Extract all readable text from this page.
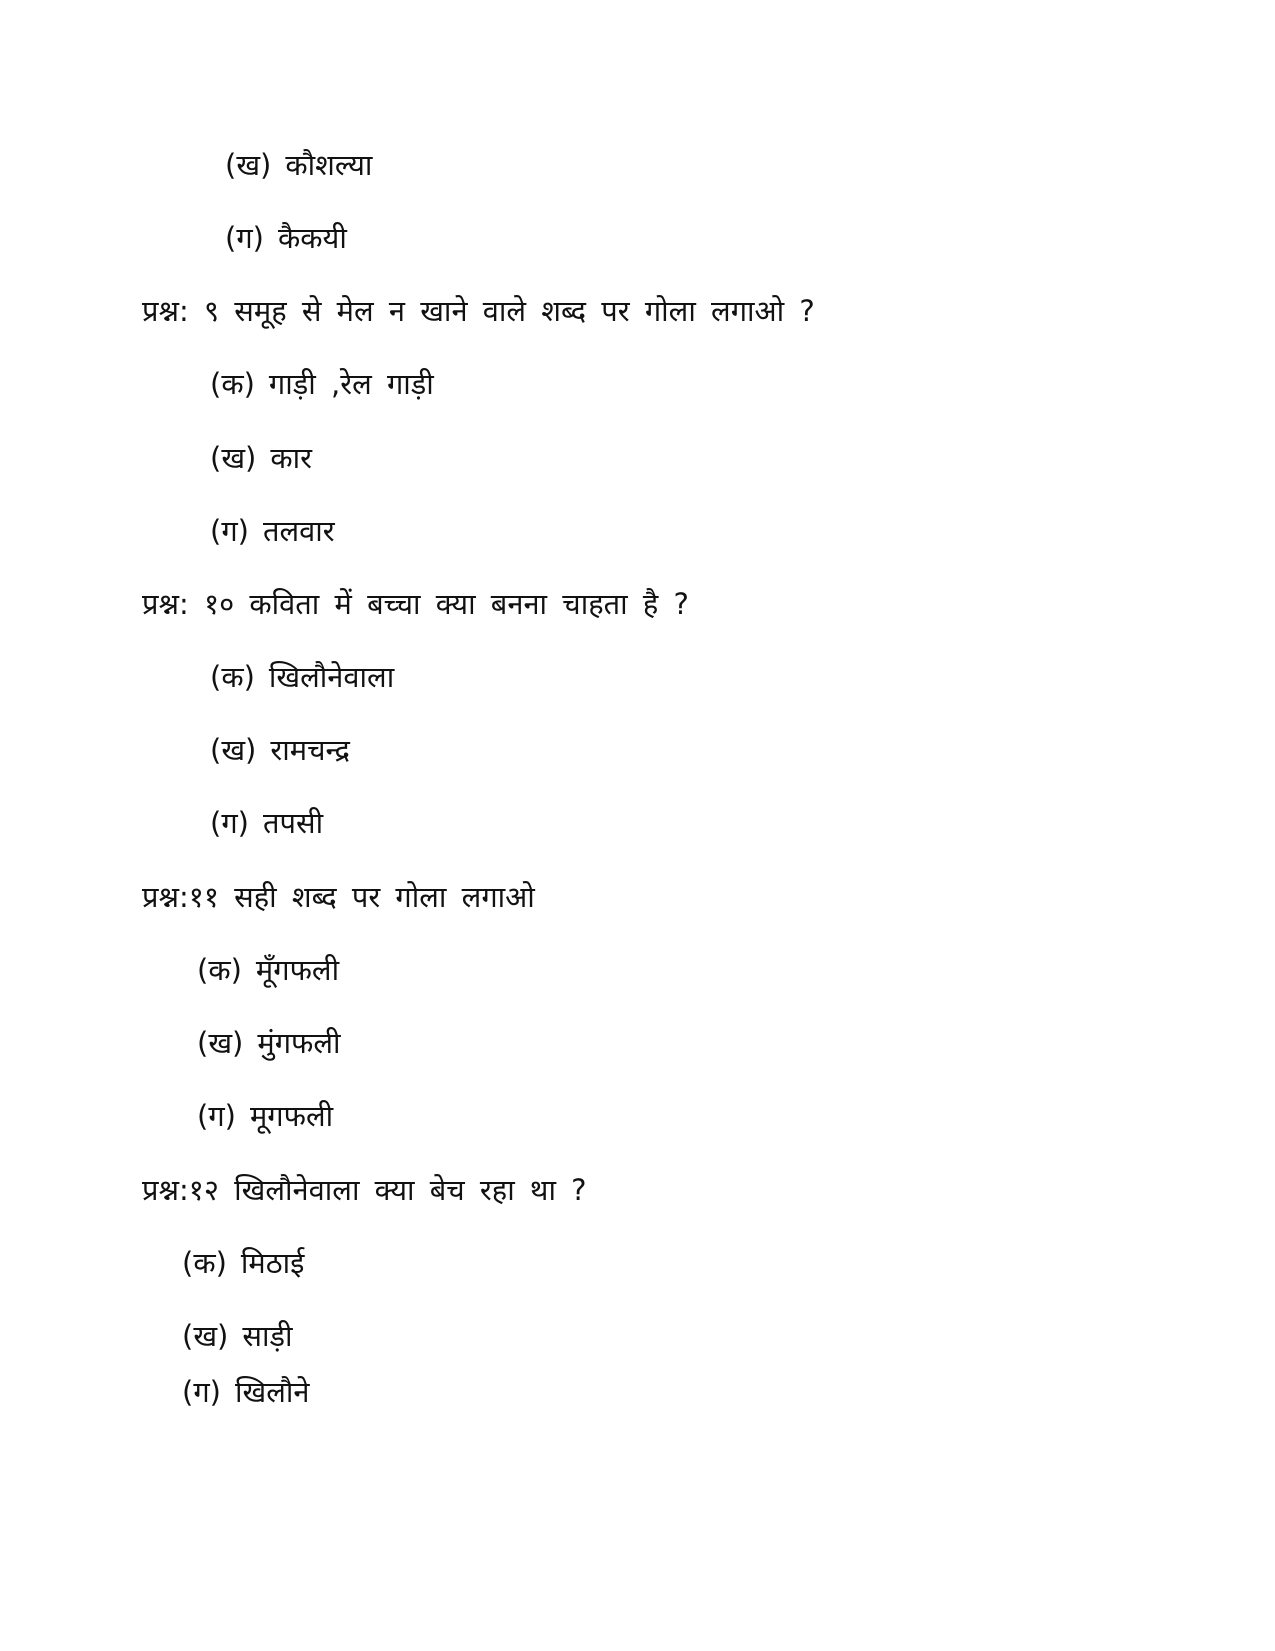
(ख) कौशल्या
(ग) कैकयी
प्रश्न: ९ समूह से मेल न खाने वाले शब्द पर गोला लगाओ ?
(क) गाड़ी ,रेल गाड़ी
(ख) कार
(ग) तलवार
प्रश्न: १० कविता में बच्चा क्या बनना चाहता है ?
(क) खिलौनेवाला
(ख) रामचन्द्र
(ग) तपसी
प्रश्न:११ सही शब्द पर गोला लगाओ
(क) मूँगफली
(ख) मुंगफली
(ग) मूगफली
प्रश्न:१२ खिलौनेवाला क्या बेच रहा था ?
(क) मिठाई
(ख) साड़ी
(ग) खिलौने
